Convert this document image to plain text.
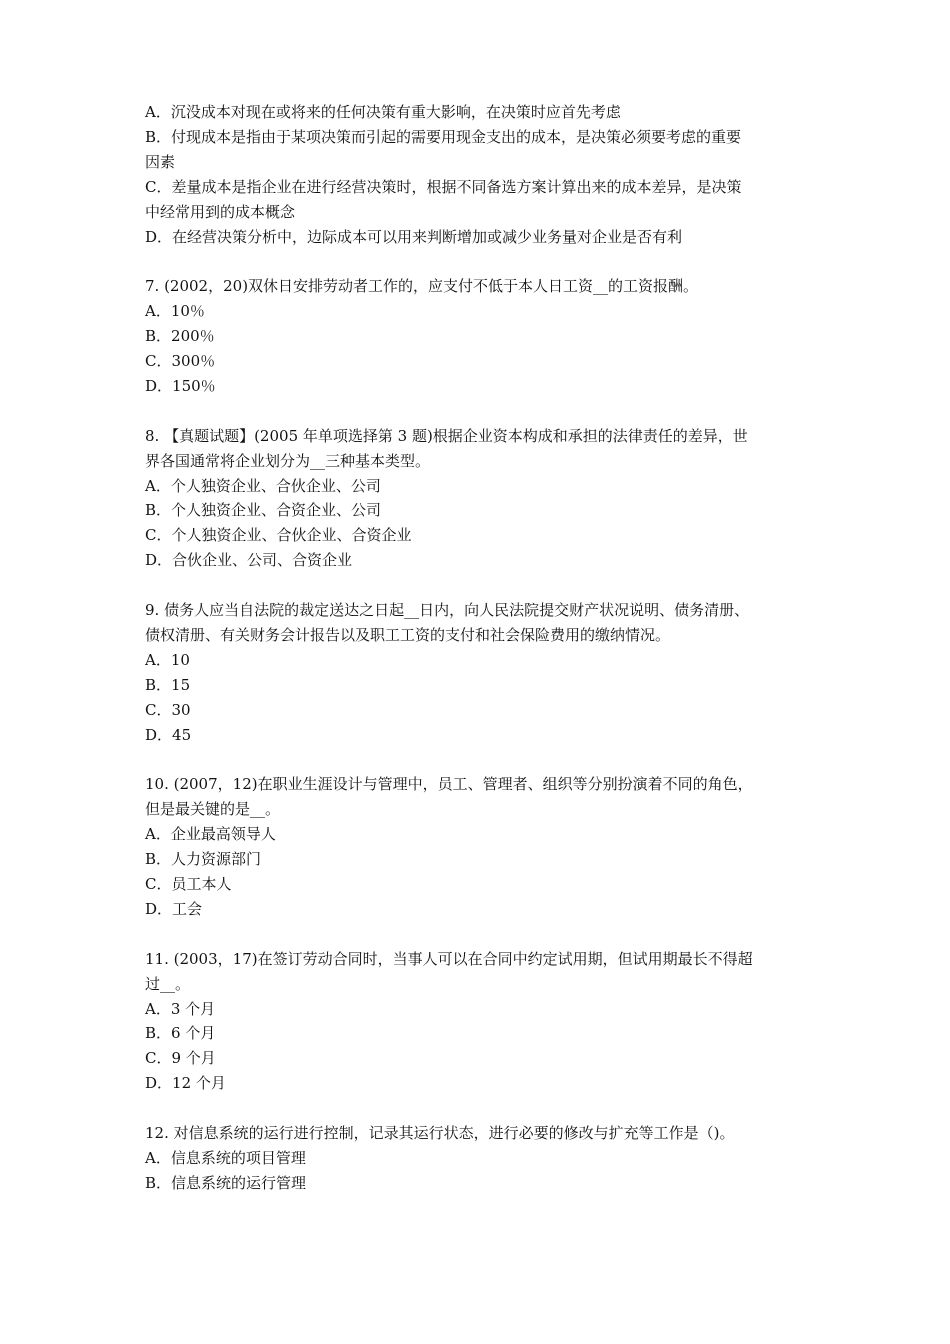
A．沉没成本对现在或将来的任何决策有重大影响，在决策时应首先考虑
B．付现成本是指由于某项决策而引起的需要用现金支出的成本，是决策必须要考虑的重要
因素
C．差量成本是指企业在进行经营决策时，根据不同备选方案计算出来的成本差异，是决策
中经常用到的成本概念
D．在经营决策分析中，边际成本可以用来判断增加或减少业务量对企业是否有利
7. (2002，20)双休日安排劳动者工作的，应支付不低于本人日工资__的工资报酬。
A．10％
B．200％
C．300％
D．150％
8. 【真题试题】(2005 年单项选择第 3 题)根据企业资本构成和承担的法律责任的差异，世
界各国通常将企业划分为__三种基本类型。
A．个人独资企业、合伙企业、公司
B．个人独资企业、合资企业、公司
C．个人独资企业、合伙企业、合资企业
D．合伙企业、公司、合资企业
9. 债务人应当自法院的裁定送达之日起__日内，向人民法院提交财产状况说明、债务清册、
债权清册、有关财务会计报告以及职工工资的支付和社会保险费用的缴纳情况。
A．10
B．15
C．30
D．45
10. (2007，12)在职业生涯设计与管理中，员工、管理者、组织等分别扮演着不同的角色，
但是最关键的是__。
A．企业最高领导人
B．人力资源部门
C．员工本人
D．工会
11. (2003，17)在签订劳动合同时，当事人可以在合同中约定试用期，但试用期最长不得超
过__。
A．3 个月
B．6 个月
C．9 个月
D．12 个月
12. 对信息系统的运行进行控制，记录其运行状态，进行必要的修改与扩充等工作是（)。
A．信息系统的项目管理
B．信息系统的运行管理
